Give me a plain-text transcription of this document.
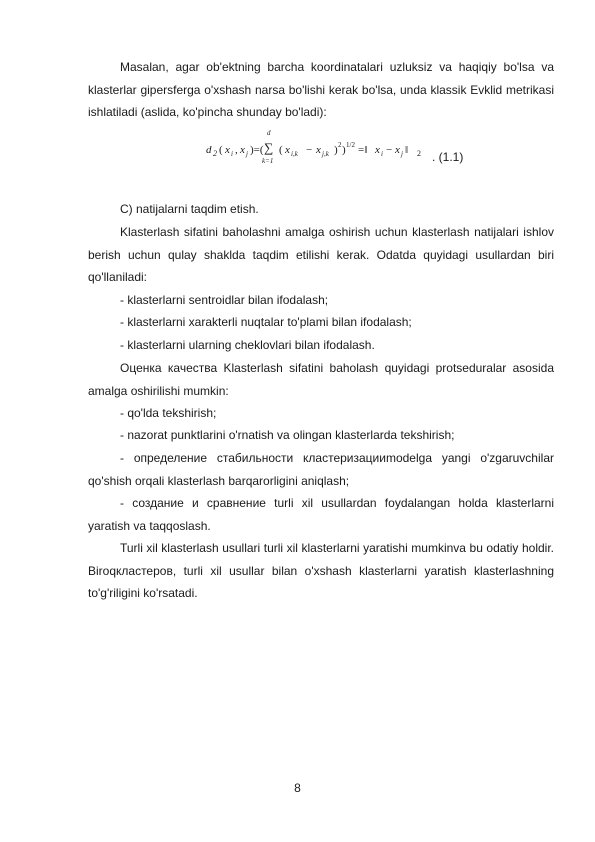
Masalan, agar ob'ektning barcha koordinatalari uzluksiz va haqiqiy bo'lsa va klasterlar gipersferga o'xshash narsa bo'lishi kerak bo'lsa, unda klassik Evklid metrikasi ishlatiladi (aslida, ko'pincha shunday bo'ladi):

d 2 ( x i , x j )=(
d
∑
k=1
( x i,k − x j,k ) 2 ) 1/2 =‖ x i − x j ‖ 2 . (1.1)

C) natijalarni taqdim etish.

Klasterlash sifatini baholashni amalga oshirish uchun klasterlash natijalari ishlov berish uchun qulay shaklda taqdim etilishi kerak. Odatda quyidagi usullardan biri qo'llaniladi:

- klasterlarni sentroidlar bilan ifodalash;

- klasterlarni xarakterli nuqtalar to'plami bilan ifodalash;

- klasterlarni ularning cheklovlari bilan ifodalash.

Оценка качества Klasterlash sifatini baholash quyidagi protseduralar asosida amalga oshirilishi mumkin:

- qo'lda tekshirish;

- nazorat punktlarini o'rnatish va olingan klasterlarda tekshirish;

- определение стабильности кластеризацииmodelga yangi o'zgaruvchilar qo'shish orqali klasterlash barqarorligini aniqlash;

- создание и сравнение turli xil usullardan foydalangan holda klasterlarni yaratish va taqqoslash.

Turli xil klasterlash usullari turli xil klasterlarni yaratishi mumkinva bu odatiy holdir. Biroqкластеров, turli xil usullar bilan o'xshash klasterlarni yaratish klasterlashning to'g'riligini ko'rsatadi.

8
